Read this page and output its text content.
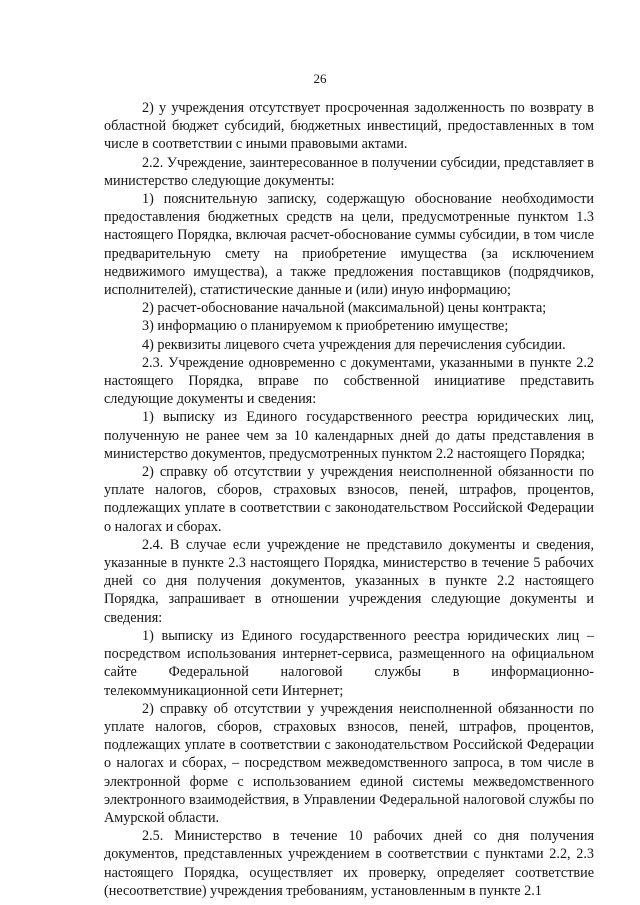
26

2) у учреждения отсутствует просроченная задолженность по возврату в областной бюджет субсидий, бюджетных инвестиций, предоставленных в том числе в соответствии с иными правовыми актами.

2.2. Учреждение, заинтересованное в получении субсидии, представляет в министерство следующие документы:

1) пояснительную записку, содержащую обоснование необходимости предоставления бюджетных средств на цели, предусмотренные пунктом 1.3 настоящего Порядка, включая расчет-обоснование суммы субсидии, в том числе предварительную смету на приобретение имущества (за исключением недвижимого имущества), а также предложения поставщиков (подрядчиков, исполнителей), статистические данные и (или) иную информацию;

2) расчет-обоснование начальной (максимальной) цены контракта;

3) информацию о планируемом к приобретению имуществе;

4) реквизиты лицевого счета учреждения для перечисления субсидии.

2.3. Учреждение одновременно с документами, указанными в пункте 2.2 настоящего Порядка, вправе по собственной инициативе представить следующие документы и сведения:

1) выписку из Единого государственного реестра юридических лиц, полученную не ранее чем за 10 календарных дней до даты представления в министерство документов, предусмотренных пунктом 2.2 настоящего Порядка;

2) справку об отсутствии у учреждения неисполненной обязанности по уплате налогов, сборов, страховых взносов, пеней, штрафов, процентов, подлежащих уплате в соответствии с законодательством Российской Федерации о налогах и сборах.

2.4. В случае если учреждение не представило документы и сведения, указанные в пункте 2.3 настоящего Порядка, министерство в течение 5 рабочих дней со дня получения документов, указанных в пункте 2.2 настоящего Порядка, запрашивает в отношении учреждения следующие документы и сведения:

1) выписку из Единого государственного реестра юридических лиц – посредством использования интернет-сервиса, размещенного на официальном сайте Федеральной налоговой службы в информационно-телекоммуникационной сети Интернет;

2) справку об отсутствии у учреждения неисполненной обязанности по уплате налогов, сборов, страховых взносов, пеней, штрафов, процентов, подлежащих уплате в соответствии с законодательством Российской Федерации о налогах и сборах, – посредством межведомственного запроса, в том числе в электронной форме с использованием единой системы межведомственного электронного взаимодействия, в Управлении Федеральной налоговой службы по Амурской области.

2.5. Министерство в течение 10 рабочих дней со дня получения документов, представленных учреждением в соответствии с пунктами 2.2, 2.3 настоящего Порядка, осуществляет их проверку, определяет соответствие (несоответствие) учреждения требованиям, установленным в пункте 2.1
